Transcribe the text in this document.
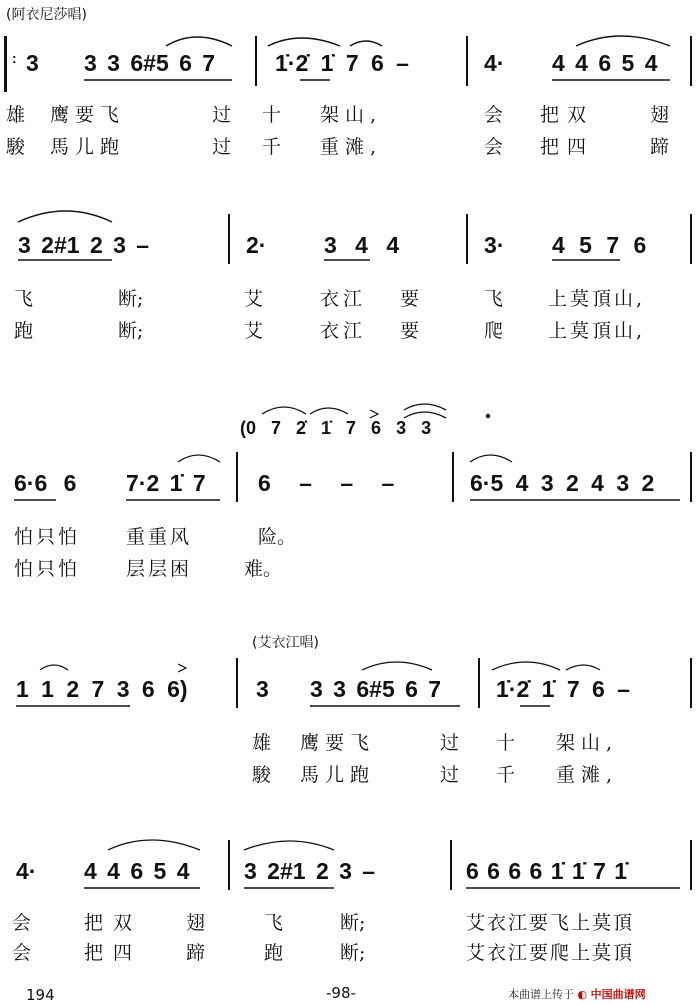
(阿衣尼莎唱)
: 3 3 3 6#5 6 7	1̇·2̇ 1̇ 7 6 –	4· 4 4 6 5 4
雄 鹰要飞	过 十 架山,	会 把双	翅
駿 馬儿跑	过 千 重滩,	会 把四	蹄
3 2#1 2 3 –	2·	3 4 4	3· 4 5 7 6
飞	断;	艾	衣江 要	飞 上莫頂山,
跑	断;	艾	衣江 要	爬 上莫頂山,
(0 7 2̇ 1̇ 7 6 3 3
6·6 6 7·2 1̇ 7 6 – – –	6·5 4 3 2 4 3 2
怕只怕 重重风	险。
怕只怕 层层困	难。
(艾衣江唱)
1 1 2 7 3 6 6)	3 3 3 6#5 6 7 1̇·2̇ 1̇ 7 6 –
雄 鹰要飞	过 十 架山,
駿 馬儿跑	过 千 重滩,
4· 4 4 6 5 4 3 2#1 2 3 –	6 6 6 6 1̇ 1̇ 7 1̇
会	把双 翅	飞	断;	艾衣江要飞上莫頂
会	把四 蹄	跑	断;	艾衣江要爬上莫頂
194	-98-	本曲谱上传于 ◐ 中国曲谱网
